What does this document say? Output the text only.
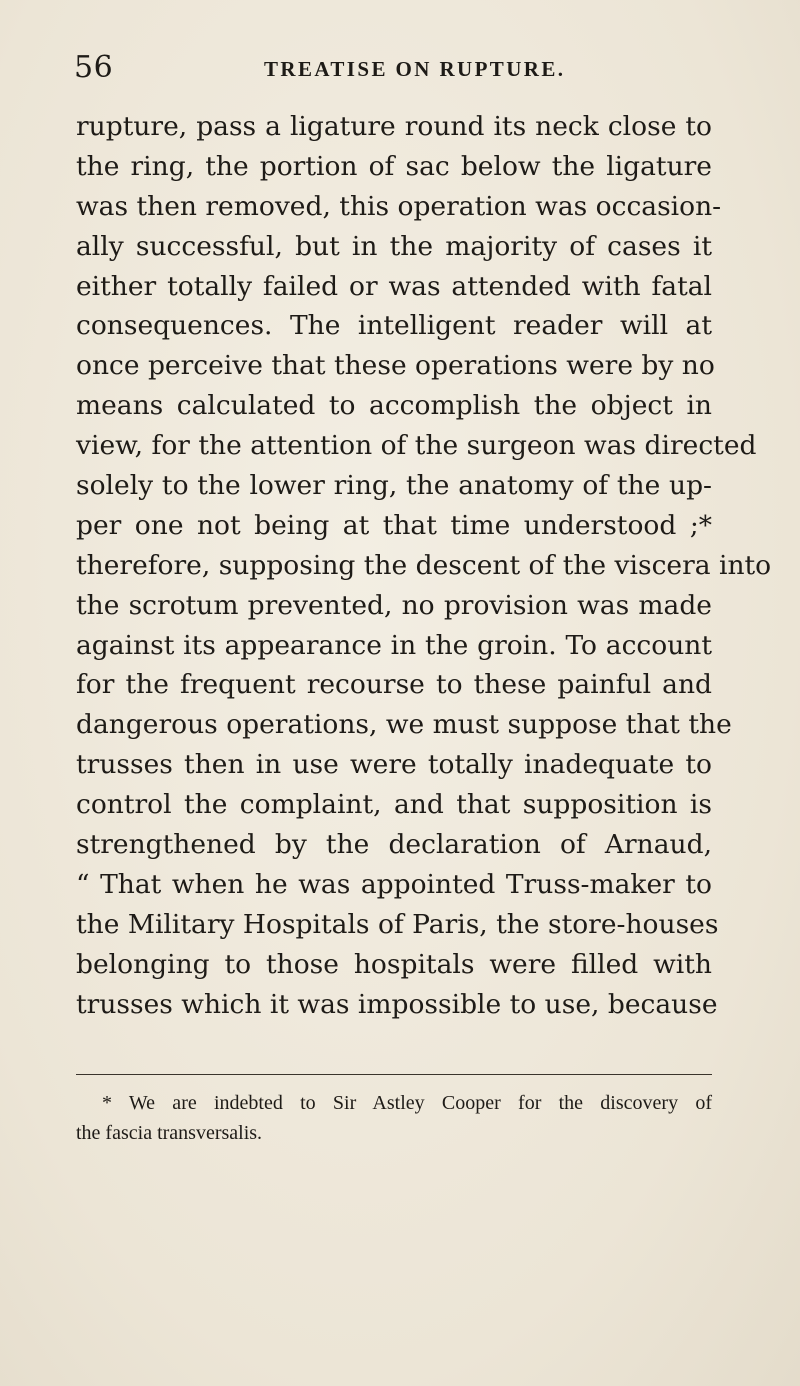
56	TREATISE ON RUPTURE.
rupture, pass a ligature round its neck close to
the ring, the portion of sac below the ligature
was then removed, this operation was occasion-
ally successful, but in the majority of cases it
either totally failed or was attended with fatal
consequences. The intelligent reader will at
once perceive that these operations were by no
means calculated to accomplish the object in
view, for the attention of the surgeon was directed
solely to the lower ring, the anatomy of the up-
per one not being at that time understood ;*
therefore, supposing the descent of the viscera into
the scrotum prevented, no provision was made
against its appearance in the groin. To account
for the frequent recourse to these painful and
dangerous operations, we must suppose that the
trusses then in use were totally inadequate to
control the complaint, and that supposition is
strengthened by the declaration of Arnaud,
“ That when he was appointed Truss-maker to
the Military Hospitals of Paris, the store-houses
belonging to those hospitals were filled with
trusses which it was impossible to use, because
* We are indebted to Sir Astley Cooper for the discovery of
the fascia transversalis.
